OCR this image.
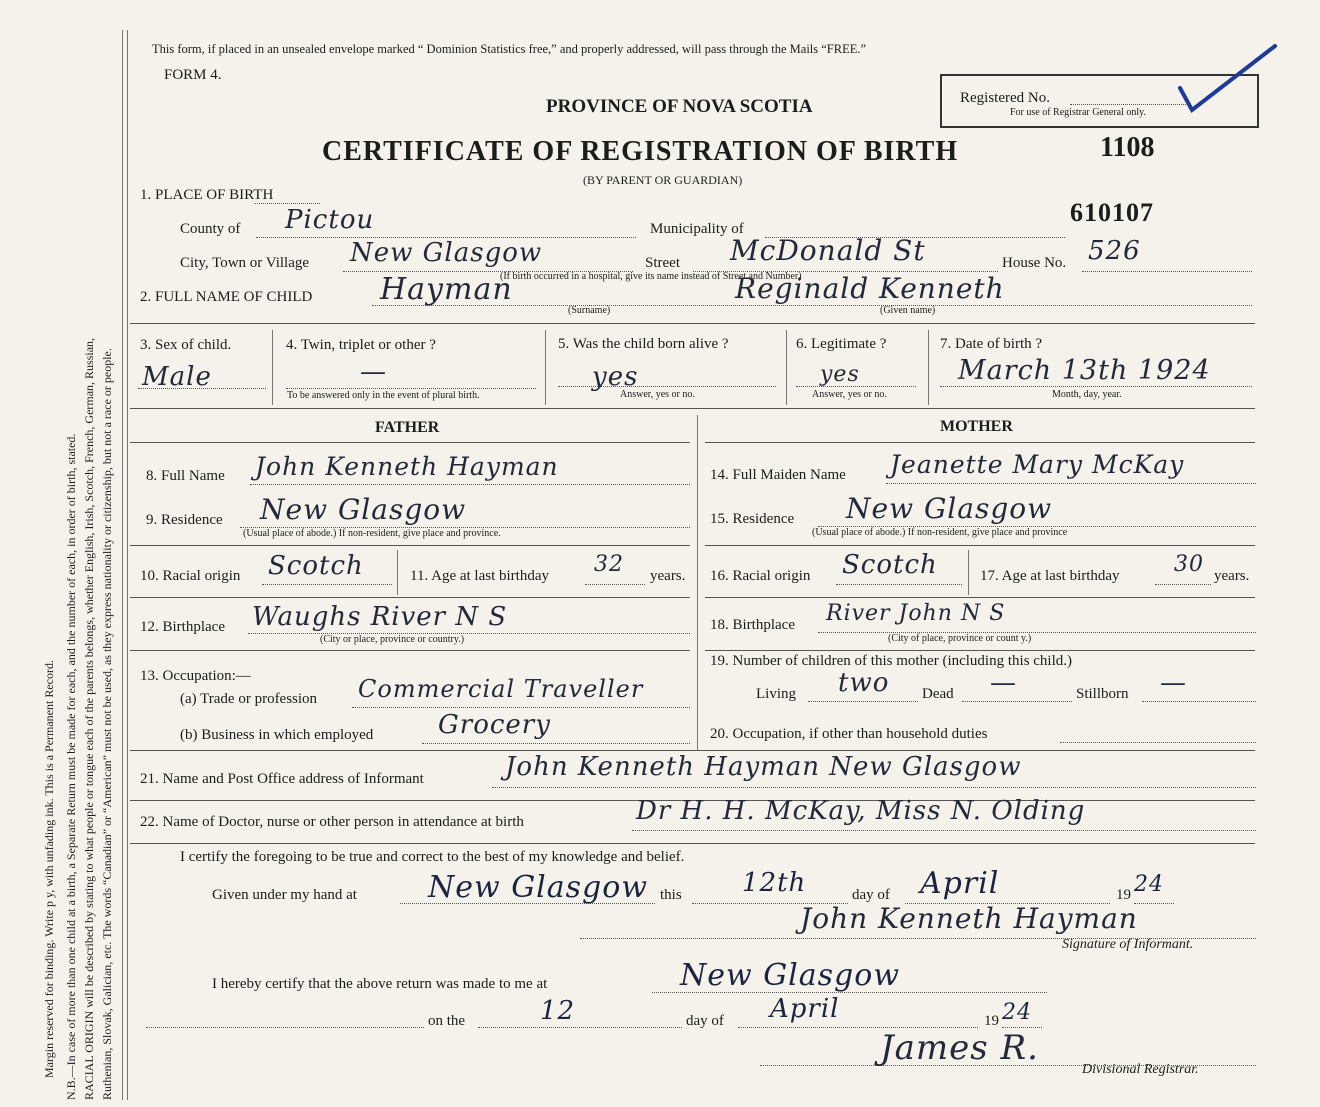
Margin reserved for binding. Write p y, with unfading ink. This is a Permanent Record. N.B.—In case of more than one child at a birth, a Separate Return must be made for each, and the number of each, in order of birth, stated. RACIAL ORIGIN will be described by stating to what people or tongue each of the parents belongs, whether English, Irish, Scotch, French, German, Russian, Ruthenian, Slovak, Galician, etc. The words “Canadian” or “American” must not be used, as they express nationality or citizenship, but not a race or people.
This form, if placed in an unsealed envelope marked “ Dominion Statistics free,” and properly addressed, will pass through the Mails “FREE.”
FORM 4.
PROVINCE OF NOVA SCOTIA
CERTIFICATE OF REGISTRATION OF BIRTH
(BY PARENT OR GUARDIAN)
Registered No.
For use of Registrar General only.
1108
610107
1. PLACE OF BIRTH
County of Pictou	Municipality of
City, Town or Village New Glasgow	Street McDonald St	House No. 526
(If birth occurred in a hospital, give its name instead of Street and Number)
2. FULL NAME OF CHILD Hayman	Reginald Kenneth
(Surname)	(Given name)
3. Sex of child.
Male
4. Twin, triplet or other ?
—
To be answered only in the event of plural birth.
5. Was the child born alive ?
yes
Answer, yes or no.
6. Legitimate ?
yes
Answer, yes or no.
7. Date of birth ?
March 13th 1924
Month, day, year.
FATHER	MOTHER
8. Full Name John Kenneth Hayman
9. Residence New Glasgow
(Usual place of abode.) If non-resident, give place and province.
10. Racial origin Scotch	11. Age at last birthday 32 years.
12. Birthplace Waughs River N S
(City or place, province or country.)
13. Occupation:—
(a) Trade or profession Commercial Traveller
(b) Business in which employed Grocery
14. Full Maiden Name Jeanette Mary McKay
15. Residence New Glasgow
(Usual place of abode.) If non-resident, give place and province
16. Racial origin Scotch	17. Age at last birthday 30 years.
18. Birthplace River John N S
(City of place, province or count y.)
19. Number of children of this mother (including this child.)
Living two Dead —	Stillborn —
20. Occupation, if other than household duties
21. Name and Post Office address of Informant	John Kenneth Hayman New Glasgow
22. Name of Doctor, nurse or other person in attendance at birth	Dr H. H. McKay, Miss N. Olding
I certify the foregoing to be true and correct to the best of my knowledge and belief.
Given under my hand at New Glasgow this 12th	day of April	19 24
John Kenneth Hayman
Signature of Informant.
I hereby certify that the above return was made to me at	New Glasgow
on the	12	day of April	19 24
James R.
Divisional Registrar.
